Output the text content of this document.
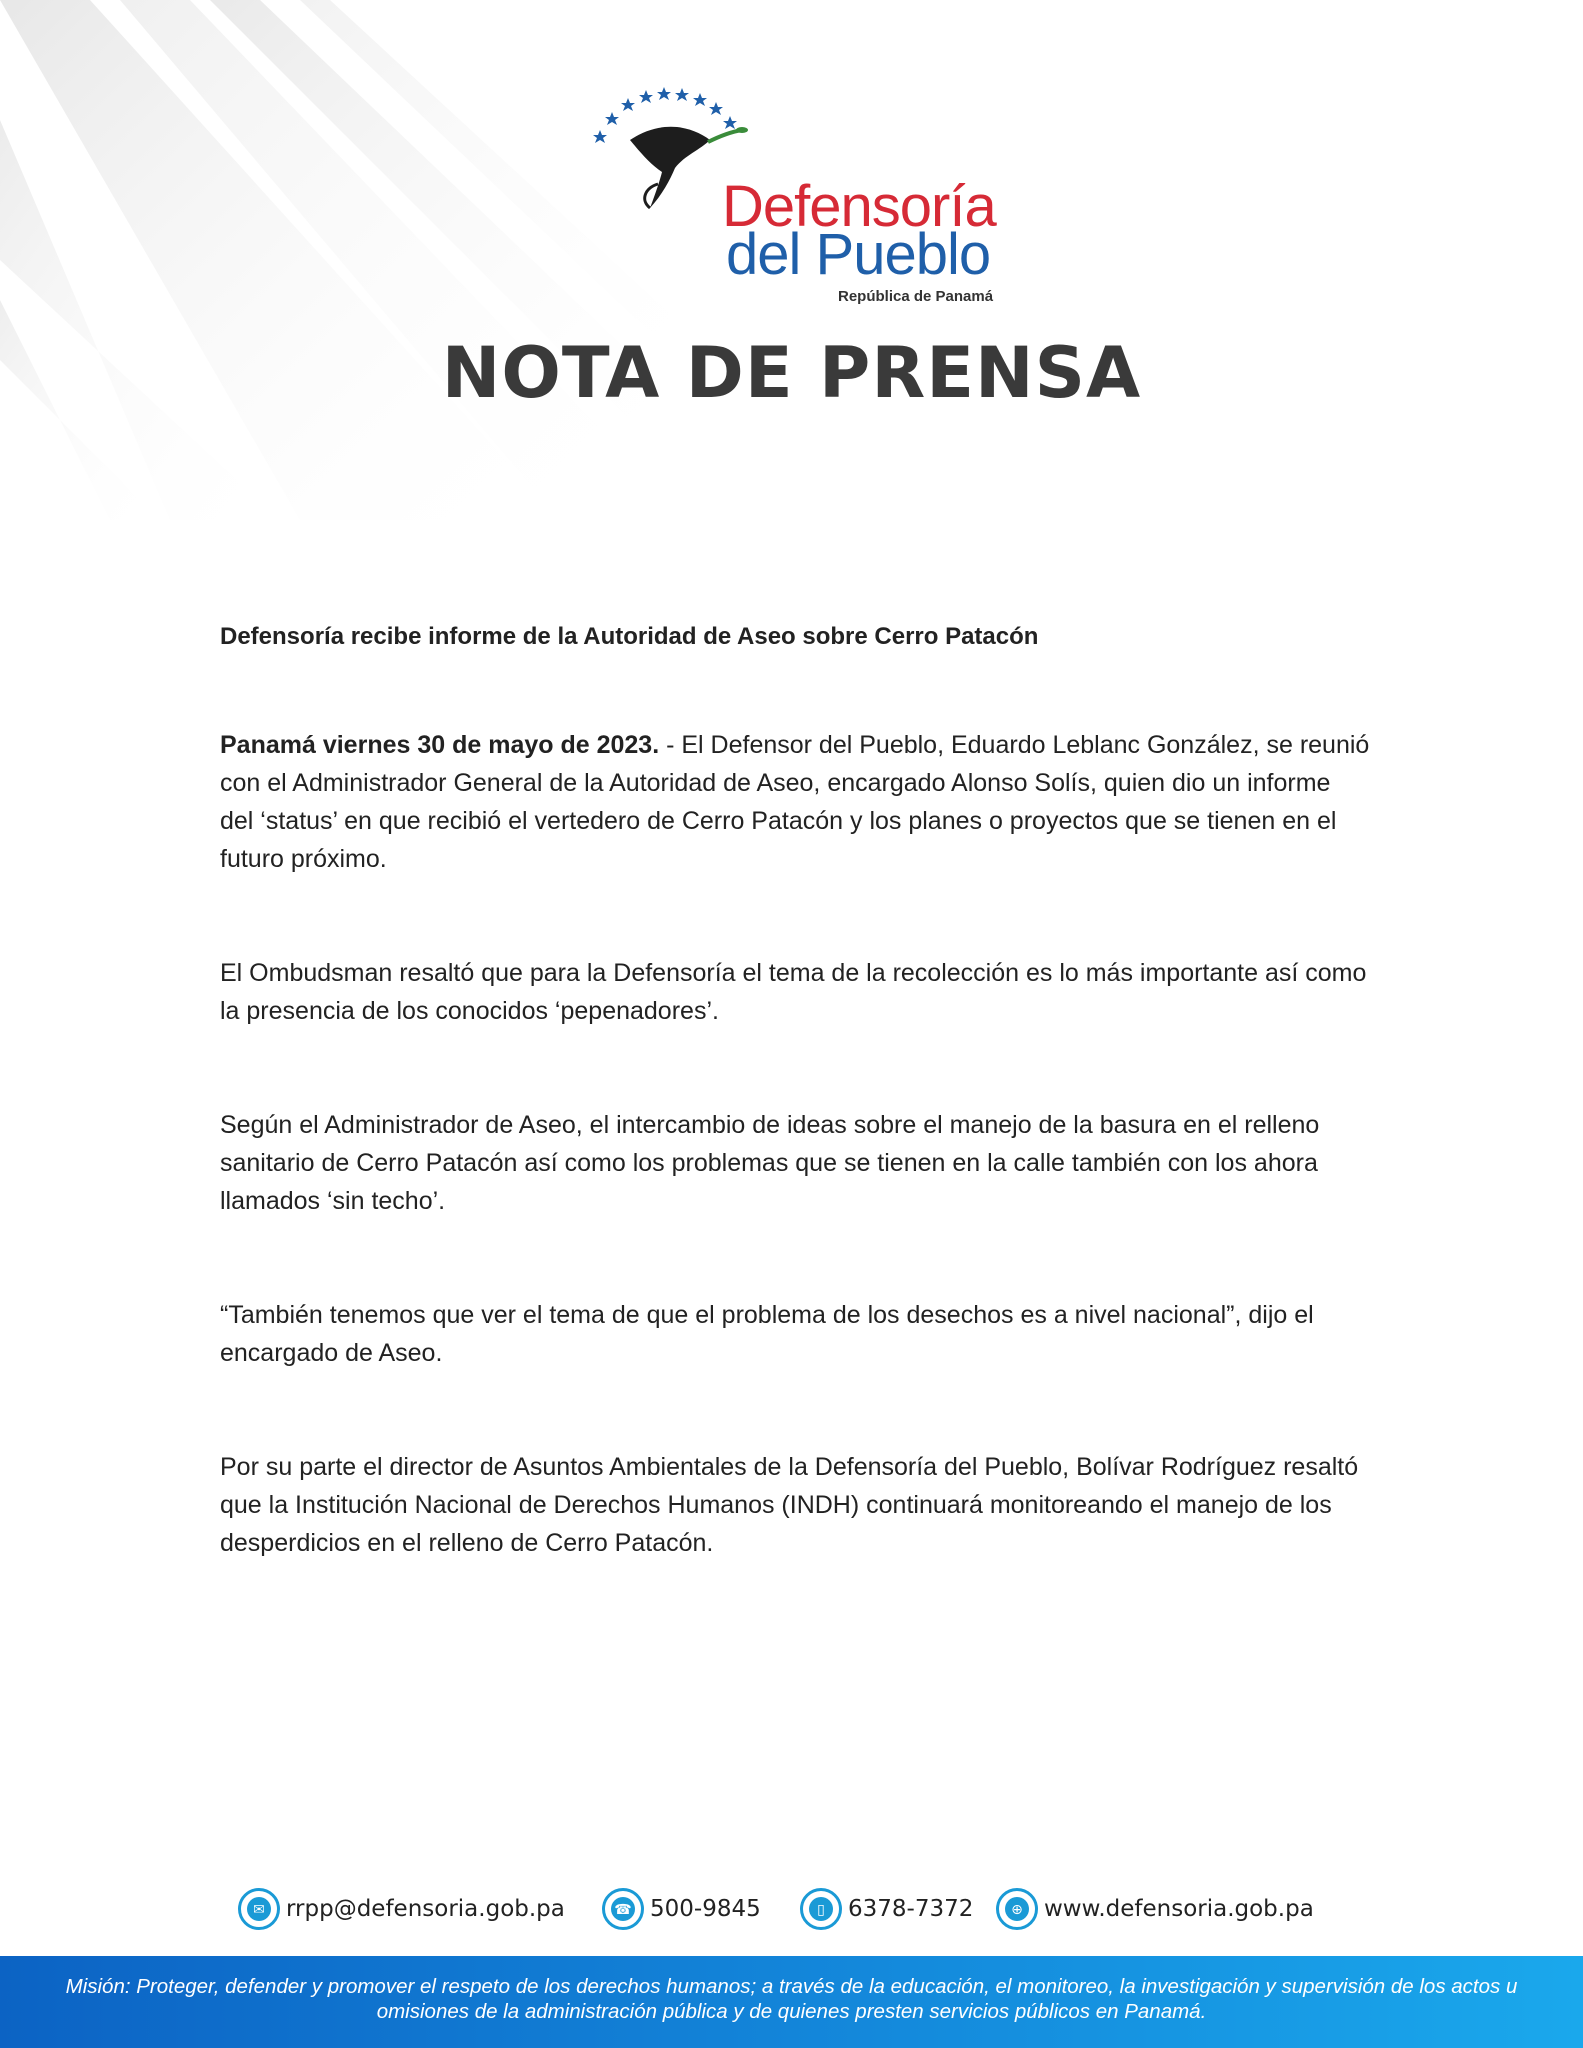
Defensoría
del Pueblo
República de Panamá
NOTA DE PRENSA

Defensoría recibe informe de la Autoridad de Aseo sobre Cerro Patacón

Panamá viernes 30 de mayo de 2023. - El Defensor del Pueblo, Eduardo Leblanc González, se reunió con el Administrador General de la Autoridad de Aseo, encargado Alonso Solís, quien dio un informe del ‘status’ en que recibió el vertedero de Cerro Patacón y los planes o proyectos que se tienen en el futuro próximo.

El Ombudsman resaltó que para la Defensoría el tema de la recolección es lo más importante así como la presencia de los conocidos ‘pepenadores’.

Según el Administrador de Aseo, el intercambio de ideas sobre el manejo de la basura en el relleno sanitario de Cerro Patacón así como los problemas que se tienen en la calle también con los ahora llamados ‘sin techo’.

“También tenemos que ver el tema de que el problema de los desechos es a nivel nacional”, dijo el encargado de Aseo.

Por su parte el director de Asuntos Ambientales de la Defensoría del Pueblo, Bolívar Rodríguez resaltó que la Institución Nacional de Derechos Humanos (INDH) continuará monitoreando el manejo de los desperdicios en el relleno de Cerro Patacón.

✉ rrpp@defensoria.gob.pa	☎ 500-9845	▯	6378-7372	⊕ www.defensoria.gob.pa

Misión: Proteger, defender y promover el respeto de los derechos humanos; a través de la educación, el monitoreo, la investigación y supervisión de los actos u omisiones de la administración pública y de quienes presten servicios públicos en Panamá.
